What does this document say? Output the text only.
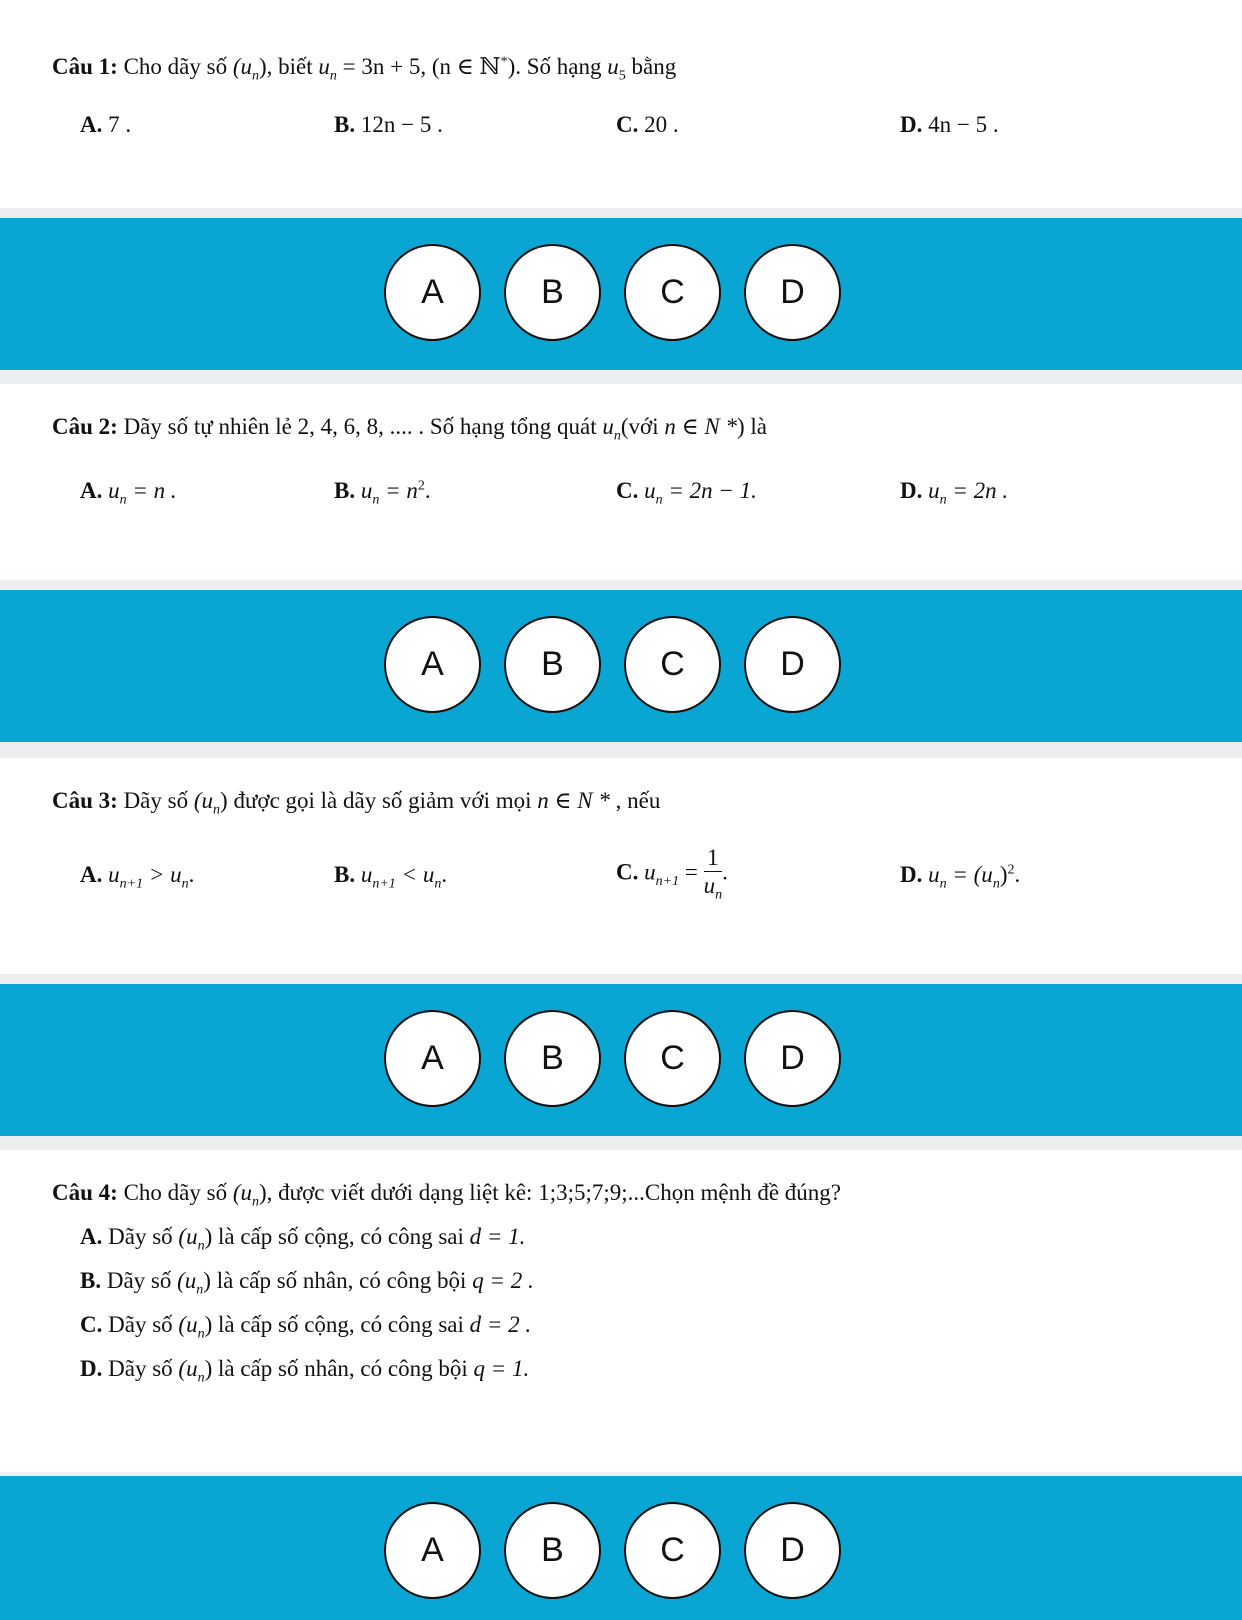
Câu 1: Cho dãy số $(u_n)$, biết $u_n = 3n + 5$, (n ∈ ℕ*). Số hạng $u_5$ bằng
A. 7 .	B. 12n − 5 .	C. 20 .	D. 4n − 5 .
A	B	C	D
Câu 2: Dãy số tự nhiên lẻ 2, 4, 6, 8, .... . Số hạng tổng quát $u_n(với$ n ∈ N *) là
A. $u_n = n$ .	B. $u_n = n^2$.	C. $u_n = 2n - 1$.	D. $u_n = 2n$ .
A	B	C	D
Câu 3: Dãy số $(u_n)$ được gọi là dãy số giảm với mọi n ∈ N * , nếu
A. $u_{n+1} > u_n$.	B. $u_{n+1} < u_n$.	C. $u_{n+1} = \frac{1}{u_n}$ .	D. $u_n = (u_n)^2$.
A	B	C	D
Câu 4: Cho dãy số $(u_n)$, được viết dưới dạng liệt kê: 1;3;5;7;9;...Chọn mệnh đề đúng?
A. Dãy số $(u_n)$ là cấp số cộng, có công sai d = 1.
B. Dãy số $(u_n)$ là cấp số nhân, có công bội q = 2 .
C. Dãy số $(u_n)$ là cấp số cộng, có công sai d = 2 .
D. Dãy số $(u_n)$ là cấp số nhân, có công bội q = 1.
A	B	C	D
